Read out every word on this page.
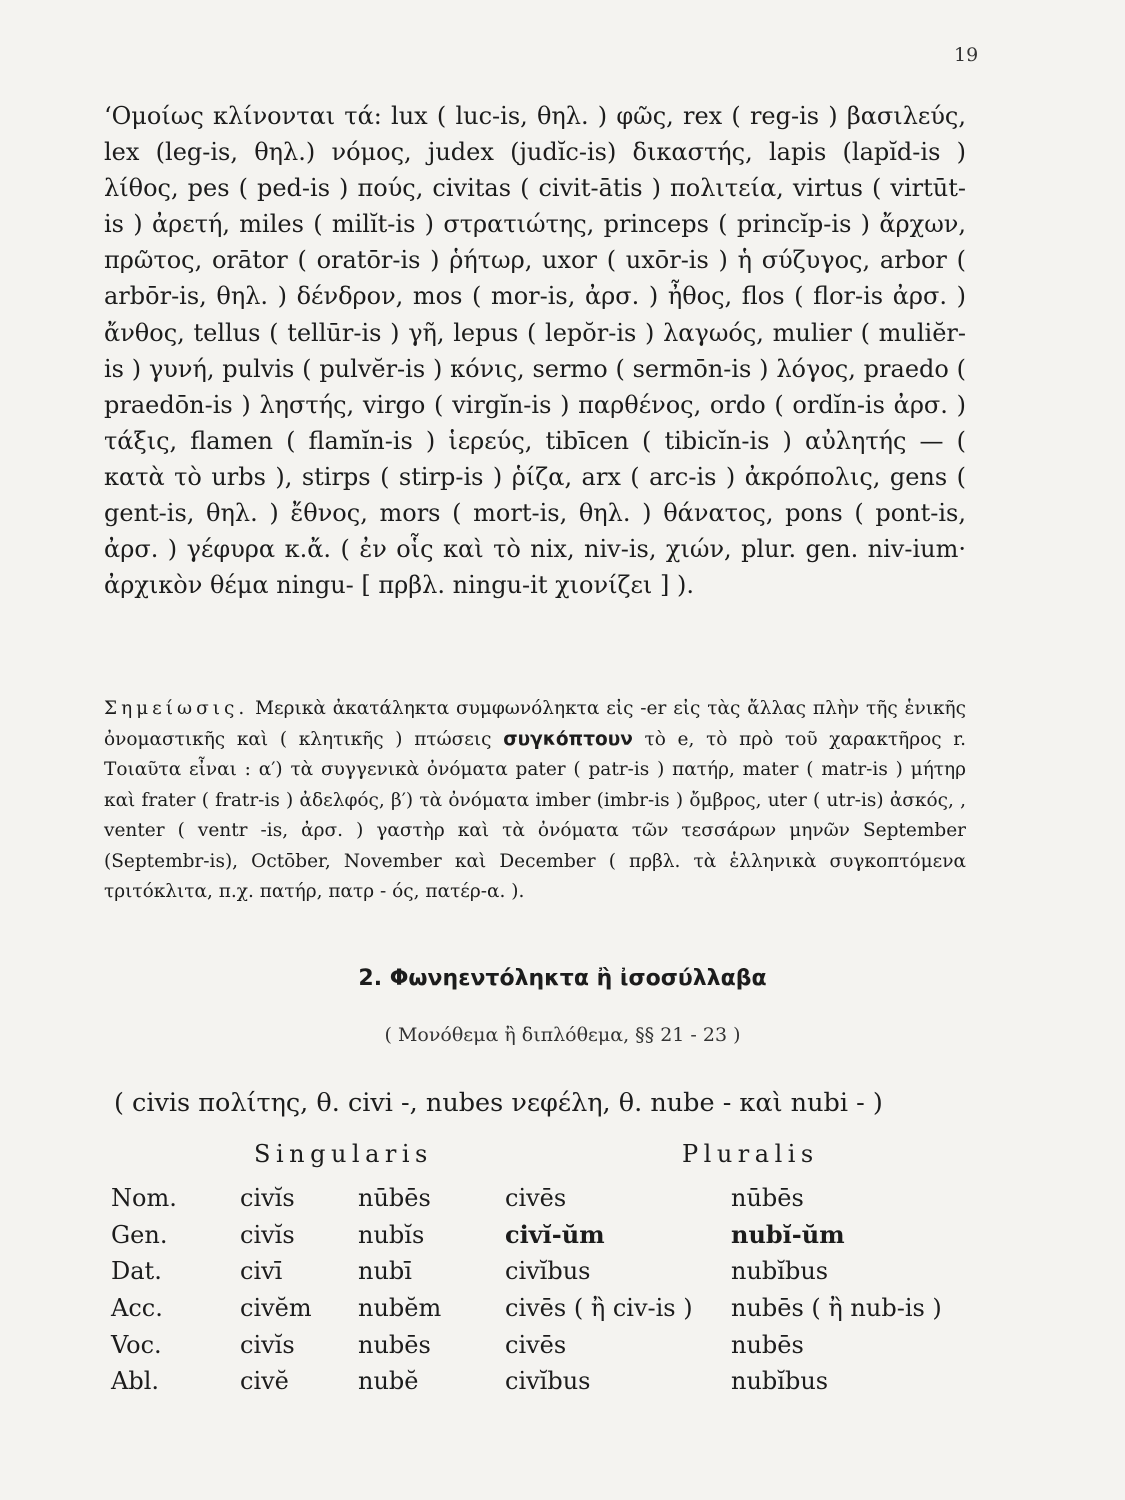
19

‘Ομοίως κλίνονται τά: lux ( luc-is, θηλ. ) φῶς, rex ( reg-is ) βασιλεύς, lex (leg-is, θηλ.) νόμος, judex (judĭc-is) δικαστής, lapis (lapĭd-is ) λίθος, pes ( ped-is ) πούς, civitas ( civit-ātis ) πολιτεία, virtus ( virtūt-is ) ἀρετή, miles ( milĭt-is ) στρατιώτης, princeps ( princĭp-is ) ἄρχων, πρῶτος, orātor ( oratōr-is ) ῥήτωρ, uxor ( uxōr-is ) ἡ σύζυγος, arbor ( arbōr-is, θηλ. ) δένδρον, mos ( mor-is, ἀρσ. ) ἦθος, flos ( flor-is ἀρσ. ) ἄνθος, tellus ( tellūr-is ) γῆ, lepus ( lepŏr-is ) λαγωός, mulier ( muliĕr-is ) γυνή, pulvis ( pulvĕr-is ) κόνις, sermo ( sermōn-is ) λόγος, praedo ( praedōn-is ) ληστής, virgo ( virgĭn-is ) παρθένος, ordo ( ordĭn-is ἀρσ. ) τάξις, flamen ( flamĭn-is ) ἱερεύς, tibīcen ( tibicĭn-is ) αὐλητής — ( κατὰ τὸ urbs ), stirps ( stirp-is ) ῥίζα, arx ( arc-is ) ἀκρόπολις, gens ( gent-is, θηλ. ) ἔθνος, mors ( mort-is, θηλ. ) θάνατος, pons ( pont-is, ἀρσ. ) γέφυρα κ.ἄ. ( ἐν οἷς καὶ τὸ nix, niv-is, χιών, plur. gen. niv-ium· ἀρχικὸν θέμα ningu- [ πρβλ. ningu-it χιονίζει ] ).

Σημείωσις. Μερικὰ ἀκατάληκτα συμφωνόληκτα εἰς -er εἰς τὰς ἄλλας πλὴν τῆς ἑνικῆς ὀνομαστικῆς καὶ ( κλητικῆς ) πτώσεις συγκόπτουν τὸ e, τὸ πρὸ τοῦ χαρακτῆρος r. Τοιαῦτα εἶναι : α′) τὰ συγγενικὰ ὀνόματα pater ( patr-is ) πατήρ, mater ( matr-is ) μήτηρ καὶ frater ( fratr-is ) ἀδελφός, β′) τὰ ὀνόματα imber (imbr-is ) ὄμβρος, uter ( utr-is) ἀσκός, , venter ( ventr -is, ἀρσ. ) γαστὴρ καὶ τὰ ὀνόματα τῶν τεσσάρων μηνῶν September (Septembr-is), Octōber, November καὶ December ( πρβλ. τὰ ἑλληνικὰ συγκοπτόμενα τριτόκλιτα, π.χ. πατήρ, πατρ - ός, πατέρ-α. ).

2. Φωνηεντόληκτα ἢ ἰσοσύλλαβα
( Μονόθεμα ἢ διπλόθεμα, §§ 21 - 23 )
( civis πολίτης, θ. civi -, nubes νεφέλη, θ. nube - καὶ nubi - )
Singularis	Pluralis
Nom.	civĭs	nūbēs	civēs	nūbēs
Gen.	civĭs	nubĭs	civĭ-ŭm	nubĭ-ŭm
Dat.	civī	nubī	civĭbus	nubĭbus
Acc.	civĕm	nubĕm	civēs ( ἢ civ-is )	nubēs ( ἢ nub-is )
Voc.	civĭs	nubēs	civēs	nubēs
Abl.	civĕ	nubĕ	civĭbus	nubĭbus
